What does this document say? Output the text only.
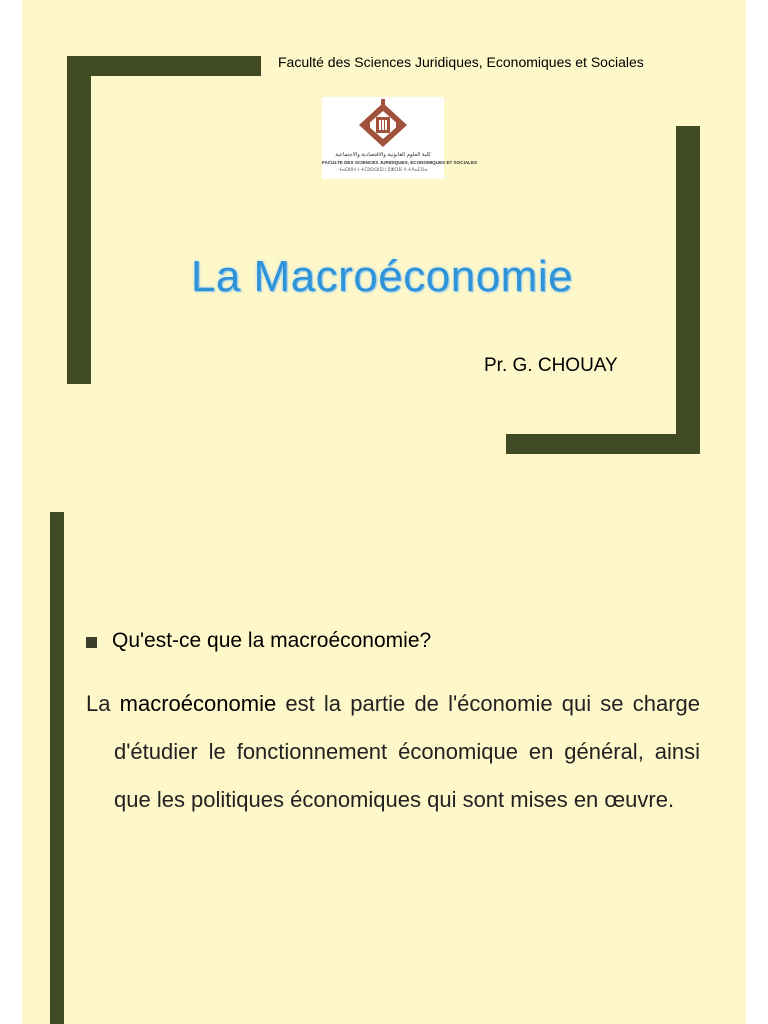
Faculté des Sciences Juridiques, Economiques et Sociales
كلية العلوم القانونية والاقتصادية والاجتماعية
FACULTE DES SCIENCES JURIDIQUES, ECONOMIQUES ET SOCIALES
ⵜⴰⵙⵏⵓⵜ ⵏ ⵜⵎⵓⵙⵙⵏⵉⵏ ⵏ ⵓⵣⵔⴼ ⴷ ⵜⴷⴰⵎⵙⴰ
La Macroéconomie
Pr. G. CHOUAY
Qu'est-ce que la macroéconomie?
La macroéconomie est la partie de l'économie qui se charge d'étudier le fonctionnement économique en général, ainsi que les politiques économiques qui sont mises en œuvre.
